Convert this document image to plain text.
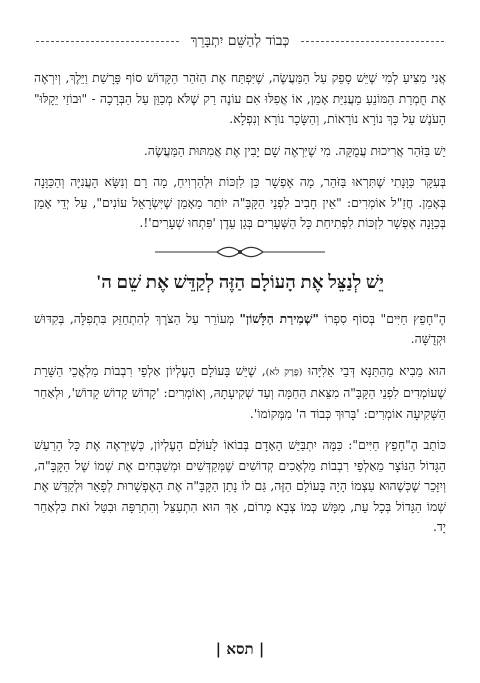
כְּבוֹד לְהַשֵּׁם יִתְבָּרֵךְ

אֲנִי מַצִּיעַ לְמִי שֶׁיֵּשׁ סָפֵק עַל הַמַּעֲשֶׂה, שֶׁיִּפְתַּח אֶת הַזֹּהַר הַקָּדוֹשׁ סוֹף פָּרָשַׁת וַיֵּלֶךְ, וְיִרְאֶה אֶת חֻמְרַת הַמּוֹנֵעַ מֵעֲנִיַּת אָמֵן, אוֹ אֲפִלּוּ אִם עוֹנֶה רַק שֶׁלֹּא מְכַוֵּן עַל הַבְּרָכָה - "וּבוֹזַי יֵקָלּוּ" הָעֹנֶשׁ עַל כָּךְ נוֹרָא נוֹרָאוֹת, וְהַשָּׂכָר נוֹרָא וְנִפְלָא.

יֵשׁ בַּזֹּהַר אֲרִיכוּת עֲמֻקָּה. מִי שֶׁיִּרְאֶה שָׁם יָבִין אֶת אֲמִתּוּת הַמַּעֲשֶׂה.

בְּעִקָּר כַּוָּנָתִי שֶׁתִּרְאוּ בַּזֹּהַר, מָה אֶפְשָׁר כֵּן לִזְכּוֹת וּלְהַרְוִיחַ, מָה רָם וְנִשָּׂא הָעֲנִיָּה וְהַכַּוָּנָה בְּאָמֵן. חֲזַ"ל אוֹמְרִים: "אֵין חָבִיב לִפְנֵי הַקָּבָּ"ה יוֹתֵר מֵאָמֵן שֶׁיִּשְׂרָאֵל עוֹנִים", עַל יְדֵי אָמֵן בְּכַוָּנָה אֶפְשָׁר לִזְכּוֹת לִפְתִיחַת כָּל הַשְּׁעָרִים בְּגַן עֵדֶן 'פִּתְחוּ שְׁעָרִים'!.

יֵשׁ לְנַצֵּל אֶת הָעוֹלָם הַזֶּה לְקַדֵּשׁ אֶת שֵׁם ה'

הֶ"חָפֵץ חַיִּים" בְּסוֹף סִפְרוֹ "שְׁמִירַת הַלָּשׁוֹן" מְעוֹרֵר עַל הַצֹּרֶךְ לְהִתְחַזֵּק בִּתְפִלָּה, בְּקִדּוּשׁ וּקְדֻשָּׁה.

הוּא מֵבִיא מֵהַתַּנָּא דְּבֵי אֵלִיָּהוּ (פֶּרֶק לא), שֶׁיֵּשׁ בָּעוֹלָם הָעֶלְיוֹן אַלְפֵי רִבְבוֹת מַלְאֲכֵי הַשָּׁרֵת שֶׁעוֹמְדִים לִפְנֵי הַקָּבָּ"ה מִצֵּאת הַחַמָּה וְעַד שְׁקִיעָתָהּ, וְאוֹמְרִים: 'קָדוֹשׁ קָדוֹשׁ קָדוֹשׁ', וּלְאַחַר הַשְּׁקִיעָה אוֹמְרִים: 'בָּרוּךְ כְּבוֹד ה' מִמְּקוֹמוֹ'.

כּוֹתֵב הֶ"חָפֵץ חַיִּים": כַּמָּה יִתְבַּיֵּשׁ הָאָדָם בְּבוֹאוֹ לָעוֹלָם הָעֶלְיוֹן, כְּשֶׁיִּרְאֶה אֶת כָּל הָרַעַשׁ הַגָּדוֹל הַנּוֹצָר מֵאַלְפֵי רִבְבוֹת מַלְאָכִים קְדוֹשִׁים שֶׁמְּקַדְּשִׁים וּמְשַׁבְּחִים אֶת שְׁמוֹ שֶׁל הַקָּבָּ"ה, וְיִזָּכֵר שֶׁכְּשֶׁהוּא עַצְמוֹ הָיָה בָּעוֹלָם הַזֶּה, גַּם לוֹ נָתַן הַקָּבָּ"ה אֶת הָאֶפְשָׁרוּת לְפָאֵר וּלְקַדֵּשׁ אֶת שְׁמוֹ הַגָּדוֹל בְּכָל עֵת, מַמָּשׁ כְּמוֹ צְבָא מָרוֹם, אַךְ הוּא הִתְעַצֵּל וְהִתְרַפָּה וּבִטֵּל זֹאת כִּלְאַחַר יָד.

| תסא |
